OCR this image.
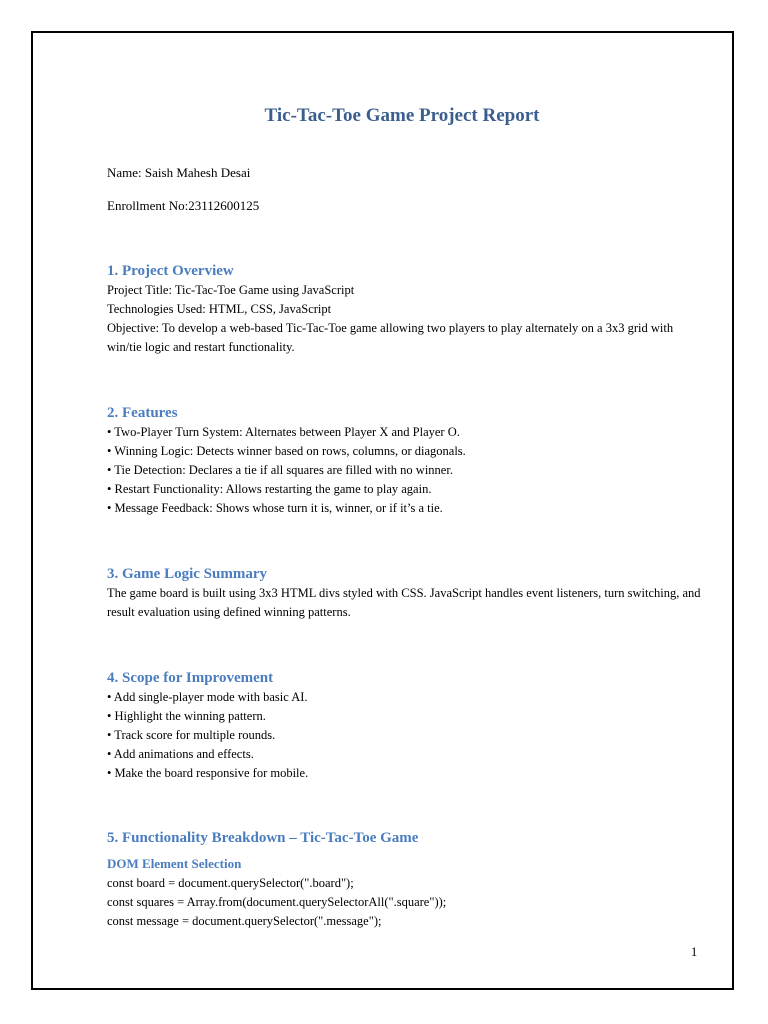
Tic-Tac-Toe Game Project Report
Name: Saish Mahesh Desai
Enrollment No:23112600125
1. Project Overview
Project Title: Tic-Tac-Toe Game using JavaScript
Technologies Used: HTML, CSS, JavaScript

Objective: To develop a web-based Tic-Tac-Toe game allowing two players to play alternately on a 3x3 grid with win/tie logic and restart functionality.

2. Features
• Two-Player Turn System: Alternates between Player X and Player O.
• Winning Logic: Detects winner based on rows, columns, or diagonals.
• Tie Detection: Declares a tie if all squares are filled with no winner.
• Restart Functionality: Allows restarting the game to play again.
• Message Feedback: Shows whose turn it is, winner, or if it’s a tie.
3. Game Logic Summary

The game board is built using 3x3 HTML divs styled with CSS. JavaScript handles event listeners, turn switching, and result evaluation using defined winning patterns.

4. Scope for Improvement
• Add single-player mode with basic AI.
• Highlight the winning pattern.
• Track score for multiple rounds.
• Add animations and effects.
• Make the board responsive for mobile.
5. Functionality Breakdown – Tic-Tac-Toe Game
DOM Element Selection
const board = document.querySelector(".board");
const squares = Array.from(document.querySelectorAll(".square"));
const message = document.querySelector(".message");
1
